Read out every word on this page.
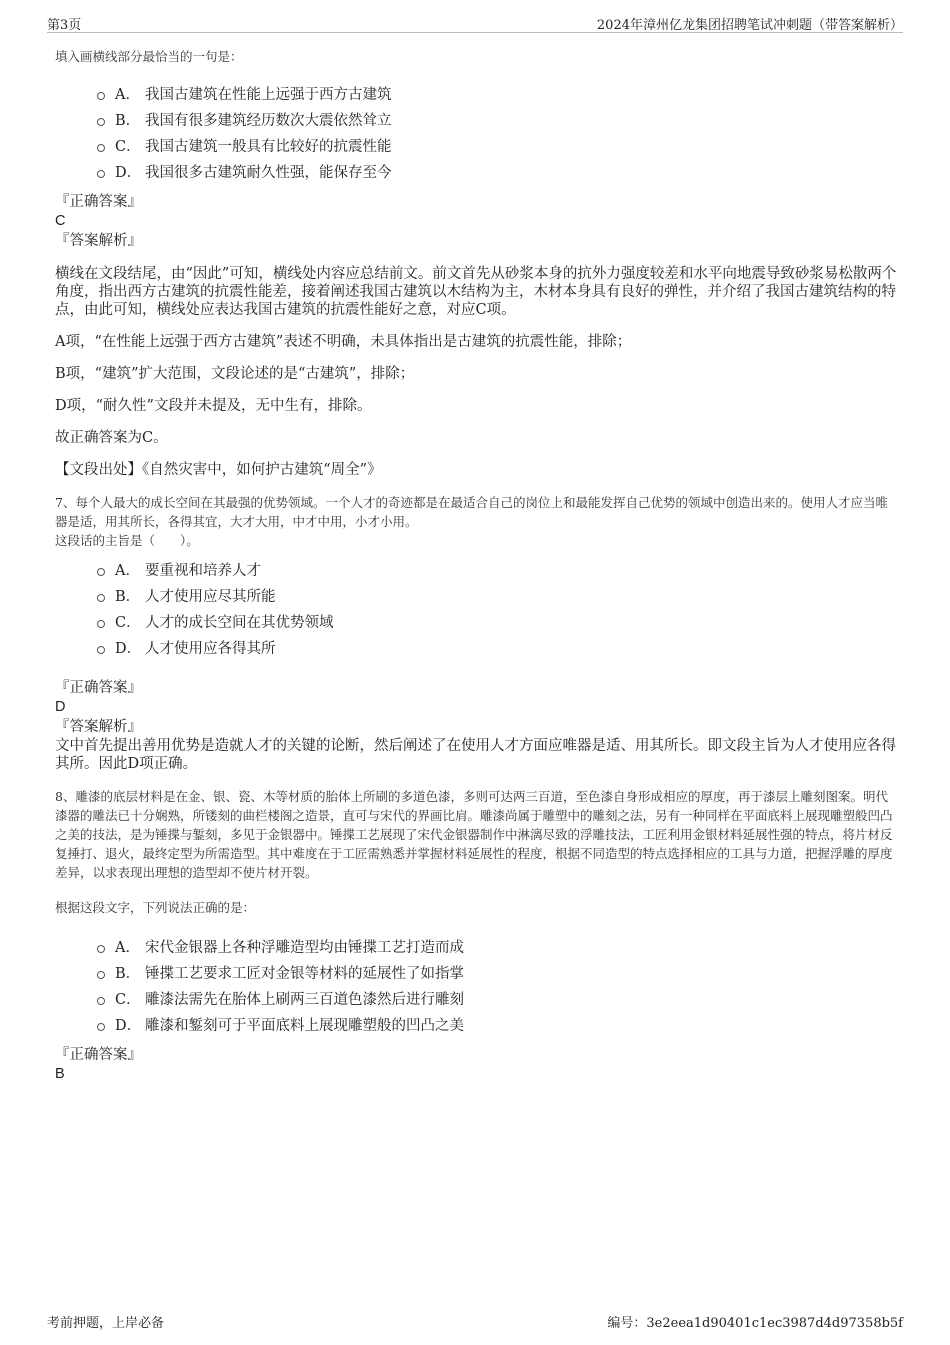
第3页	2024年漳州亿龙集团招聘笔试冲刺题（带答案解析）
填入画横线部分最恰当的一句是：
A． 我国古建筑在性能上远强于西方古建筑
B． 我国有很多建筑经历数次大震依然耸立
C． 我国古建筑一般具有比较好的抗震性能
D． 我国很多古建筑耐久性强，能保存至今
『正确答案』
C
『答案解析』

横线在文段结尾，由“因此”可知，横线处内容应总结前文。前文首先从砂浆本身的抗外力强度较差和水平向地震导致砂浆易松散两个角度，指出西方古建筑的抗震性能差，接着阐述我国古建筑以木结构为主，木材本身具有良好的弹性，并介绍了我国古建筑结构的特点，由此可知，横线处应表达我国古建筑的抗震性能好之意，对应C项。

A项，“在性能上远强于西方古建筑”表述不明确，未具体指出是古建筑的抗震性能，排除；

B项，“建筑”扩大范围，文段论述的是“古建筑”，排除；

D项，“耐久性”文段并未提及，无中生有，排除。

故正确答案为C。

【文段出处】《自然灾害中，如何护古建筑“周全”》

7、每个人最大的成长空间在其最强的优势领域。一个人才的奇迹都是在最适合自己的岗位上和最能发挥自己优势的领域中创造出来的。使用人才应当唯器是适，用其所长，各得其宜，大才大用，中才中用，小才小用。
这段话的主旨是（　　）。
A． 要重视和培养人才
B． 人才使用应尽其所能
C． 人才的成长空间在其优势领域
D． 人才使用应各得其所
『正确答案』
D
『答案解析』

文中首先提出善用优势是造就人才的关键的论断，然后阐述了在使用人才方面应唯器是适、用其所长。即文段主旨为人才使用应各得其所。因此D项正确。

8、雕漆的底层材料是在金、银、瓷、木等材质的胎体上所刷的多道色漆，多则可达两三百道，至色漆自身形成相应的厚度，再于漆层上雕刻图案。明代漆器的雕法已十分娴熟，所镂刻的曲栏楼阁之造景，直可与宋代的界画比肩。雕漆尚属于雕塑中的雕刻之法，另有一种同样在平面底料上展现雕塑般凹凸之美的技法，是为锤揲与錾刻，多见于金银器中。锤揲工艺展现了宋代金银器制作中淋漓尽致的浮雕技法，工匠利用金银材料延展性强的特点，将片材反复捶打、退火，最终定型为所需造型。其中难度在于工匠需熟悉并掌握材料延展性的程度，根据不同造型的特点选择相应的工具与力道，把握浮雕的厚度差异，以求表现出理想的造型却不使片材开裂。
根据这段文字，下列说法正确的是：
A． 宋代金银器上各种浮雕造型均由锤揲工艺打造而成
B． 锤揲工艺要求工匠对金银等材料的延展性了如指掌
C． 雕漆法需先在胎体上刷两三百道色漆然后进行雕刻
D． 雕漆和錾刻可于平面底料上展现雕塑般的凹凸之美
『正确答案』
B
考前押题，上岸必备	编号：3e2eea1d90401c1ec3987d4d97358b5f
